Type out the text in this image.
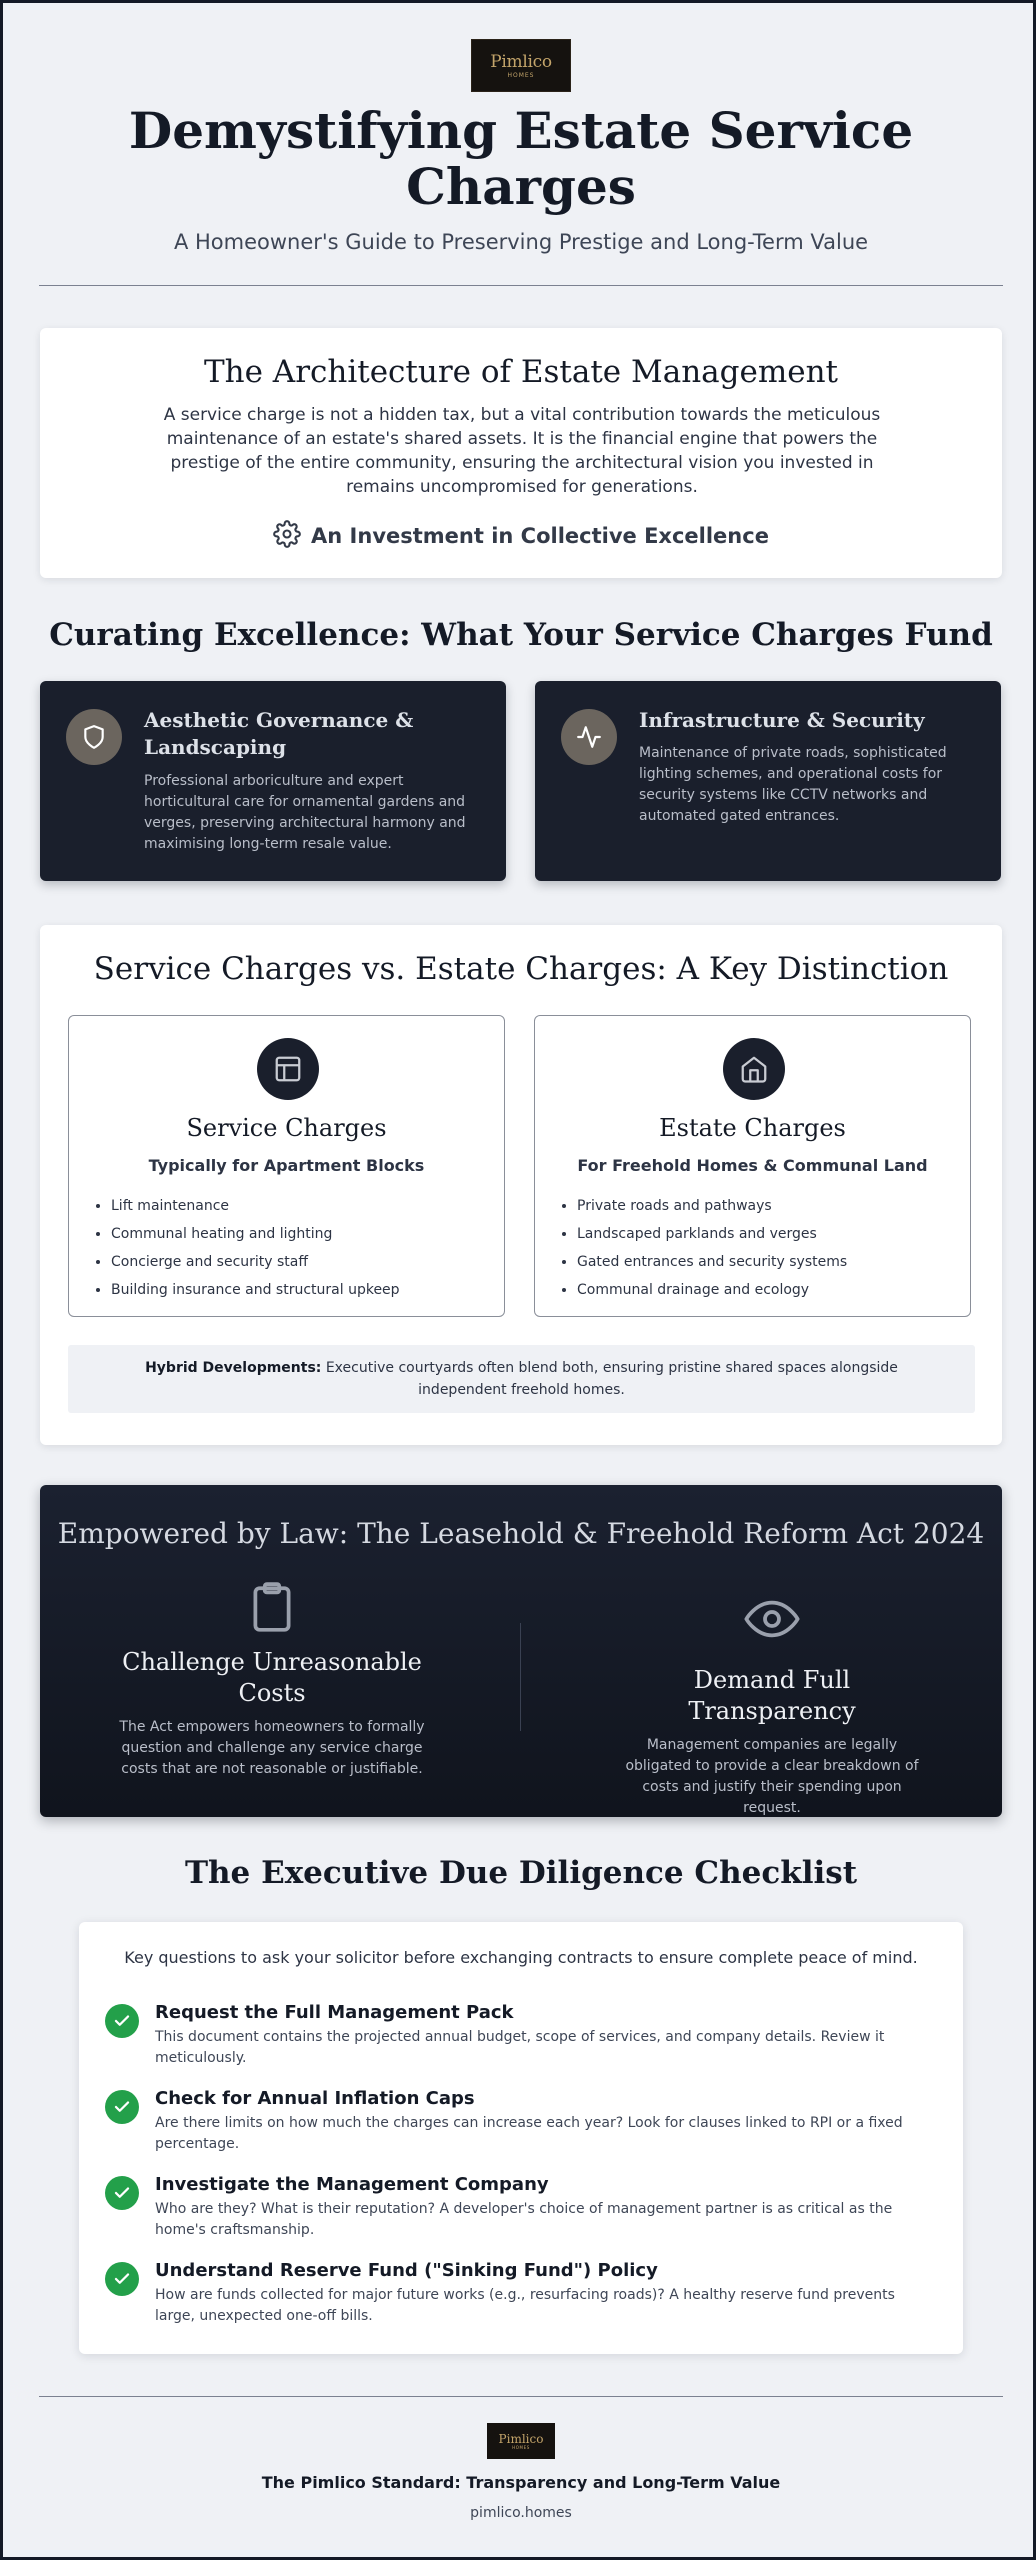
Pimlico
HOMES
Demystifying Estate Service Charges
A Homeowner's Guide to Preserving Prestige and Long-Term Value
The Architecture of Estate Management
A service charge is not a hidden tax, but a vital contribution towards the meticulous maintenance of an estate's shared assets. It is the financial engine that powers the prestige of the entire community, ensuring the architectural vision you invested in remains uncompromised for generations.
An Investment in Collective Excellence
Curating Excellence: What Your Service Charges Fund
Aesthetic Governance & Landscaping
Professional arboriculture and expert horticultural care for ornamental gardens and verges, preserving architectural harmony and maximising long-term resale value.
Infrastructure & Security
Maintenance of private roads, sophisticated lighting schemes, and operational costs for security systems like CCTV networks and automated gated entrances.
Service Charges vs. Estate Charges: A Key Distinction
Service Charges
Typically for Apartment Blocks
• Lift maintenance
• Communal heating and lighting
• Concierge and security staff
• Building insurance and structural upkeep
Estate Charges
For Freehold Homes & Communal Land
• Private roads and pathways
• Landscaped parklands and verges
• Gated entrances and security systems
• Communal drainage and ecology
Hybrid Developments: Executive courtyards often blend both, ensuring pristine shared spaces alongside independent freehold homes.
Empowered by Law: The Leasehold & Freehold Reform Act 2024
Challenge Unreasonable Costs
The Act empowers homeowners to formally question and challenge any service charge costs that are not reasonable or justifiable.
Demand Full Transparency
Management companies are legally obligated to provide a clear breakdown of costs and justify their spending upon request.
The Executive Due Diligence Checklist
Key questions to ask your solicitor before exchanging contracts to ensure complete peace of mind.
Request the Full Management Pack
This document contains the projected annual budget, scope of services, and company details. Review it meticulously.
Check for Annual Inflation Caps
Are there limits on how much the charges can increase each year? Look for clauses linked to RPI or a fixed percentage.
Investigate the Management Company
Who are they? What is their reputation? A developer's choice of management partner is as critical as the home's craftsmanship.
Understand Reserve Fund ("Sinking Fund") Policy
How are funds collected for major future works (e.g., resurfacing roads)? A healthy reserve fund prevents large, unexpected one-off bills.
Pimlico
HOMES
The Pimlico Standard: Transparency and Long-Term Value
pimlico.homes
